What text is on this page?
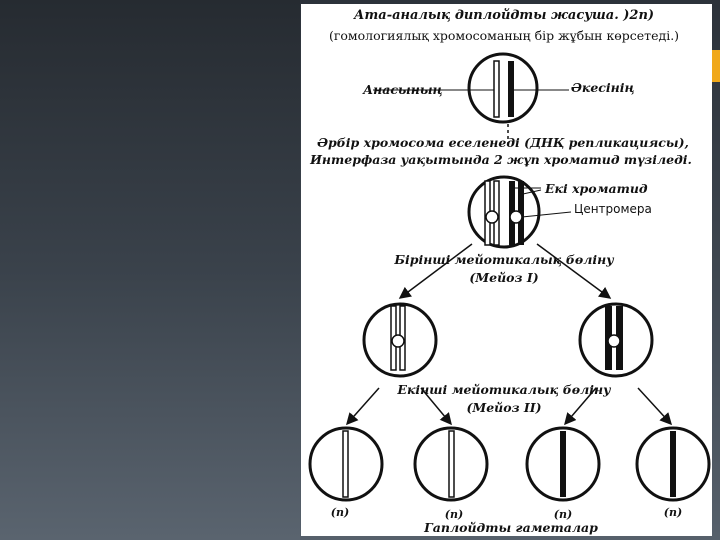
Ата-аналық диплойдты жасуша. )2n)
(гомологиялық хромосоманың бір жұбын көрсетеді.)
Анасының	Әкесінің
Әрбір хромосома еселенеді (ДНҚ репликациясы),
Интерфаза уақытында 2 жұп хроматид түзіледі.
Екі хроматид
Центромера
Бірінші мейотикалық бөліну
(Мейоз I)
Екінші мейотикалық бөліну
(Мейоз II)
(n)	(n)	(n)	(n)
Гаплойдты гаметалар
